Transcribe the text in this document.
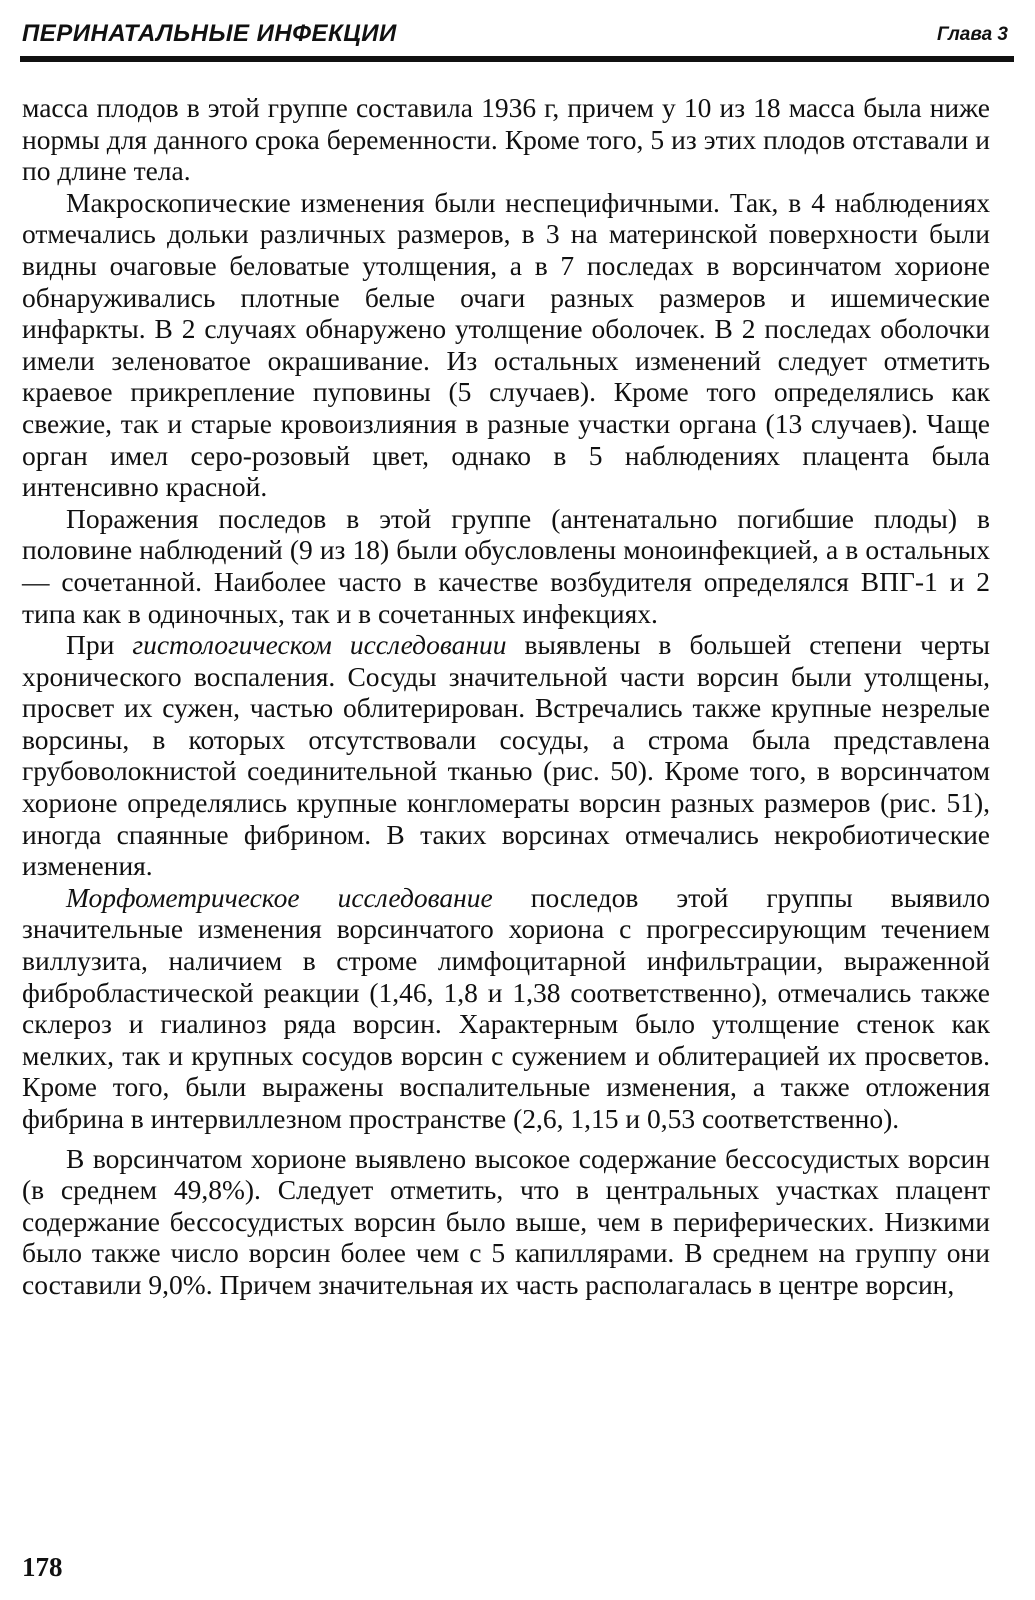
ПЕРИНАТАЛЬНЫЕ ИНФЕКЦИИ	Глава 3

масса плодов в этой группе составила 1936 г, причем у 10 из 18 масса была ниже нормы для данного срока беременности. Кроме того, 5 из этих плодов отставали и по длине тела.

Макроскопические изменения были неспецифичными. Так, в 4 наблюдениях отмечались дольки различных размеров, в 3 на материнской поверхности были видны очаговые беловатые утолщения, а в 7 последах в ворсинчатом хорионе обнаруживались плотные белые очаги разных размеров и ишемические инфаркты. В 2 случаях обнаружено утолщение оболочек. В 2 последах оболочки имели зеленоватое окрашивание. Из остальных изменений следует отметить краевое прикрепление пуповины (5 случаев). Кроме того определялись как свежие, так и старые кровоизлияния в разные участки органа (13 случаев). Чаще орган имел серо-розовый цвет, однако в 5 наблюдениях плацента была интенсивно красной.

Поражения последов в этой группе (антенатально погибшие плоды) в половине наблюдений (9 из 18) были обусловлены моноинфекцией, а в остальных — сочетанной. Наиболее часто в качестве возбудителя определялся ВПГ-1 и 2 типа как в одиночных, так и в сочетанных инфекциях.

При гистологическом исследовании выявлены в большей степени черты хронического воспаления. Сосуды значительной части ворсин были утолщены, просвет их сужен, частью облитерирован. Встречались также крупные незрелые ворсины, в которых отсутствовали сосуды, а строма была представлена грубоволокнистой соединительной тканью (рис. 50). Кроме того, в ворсинчатом хорионе определялись крупные конгломераты ворсин разных размеров (рис. 51), иногда спаянные фибрином. В таких ворсинах отмечались некробиотические изменения.

Морфометрическое исследование последов этой группы выявило значительные изменения ворсинчатого хориона с прогрессирующим течением виллузита, наличием в строме лимфоцитарной инфильтрации, выраженной фибробластической реакции (1,46, 1,8 и 1,38 соответственно), отмечались также склероз и гиалиноз ряда ворсин. Характерным было утолщение стенок как мелких, так и крупных сосудов ворсин с сужением и облитерацией их просветов. Кроме того, были выражены воспалительные изменения, а также отложения фибрина в интервиллезном пространстве (2,6, 1,15 и 0,53 соответственно).

В ворсинчатом хорионе выявлено высокое содержание бессосудистых ворсин (в среднем 49,8%). Следует отметить, что в центральных участках плацент содержание бессосудистых ворсин было выше, чем в периферических. Низкими было также число ворсин более чем с 5 капиллярами. В среднем на группу они составили 9,0%. Причем значительная их часть располагалась в центре ворсин,

178
